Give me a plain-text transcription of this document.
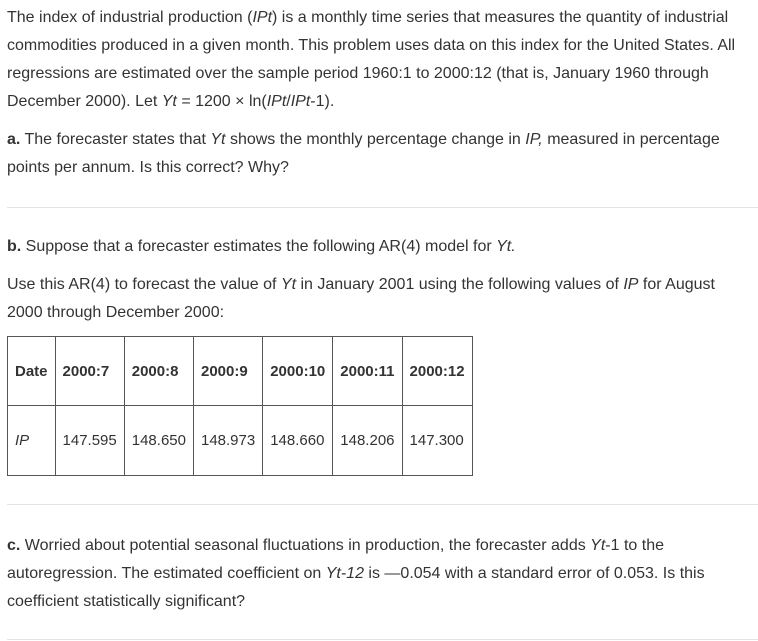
The index of industrial production (IPt) is a monthly time series that measures the quantity of industrial commodities produced in a given month. This problem uses data on this index for the United States. All regressions are estimated over the sample period 1960:1 to 2000:12 (that is, January 1960 through December 2000). Let Yt = 1200 × ln(IPt/IPt-1).

a. The forecaster states that Yt shows the monthly percentage change in IP, measured in percentage points per annum. Is this correct? Why?

b. Suppose that a forecaster estimates the following AR(4) model for Yt.

Use this AR(4) to forecast the value of Yt in January 2001 using the following values of IP for August 2000 through December 2000:

Date	2000:7	2000:8	2000:9	2000:10	2000:11	2000:12
IP	147.595	148.650	148.973	148.660	148.206	147.300

c. Worried about potential seasonal fluctuations in production, the forecaster adds Yt-1 to the autoregression. The estimated coefficient on Yt-12 is —0.054 with a standard error of 0.053. Is this coefficient statistically significant?
